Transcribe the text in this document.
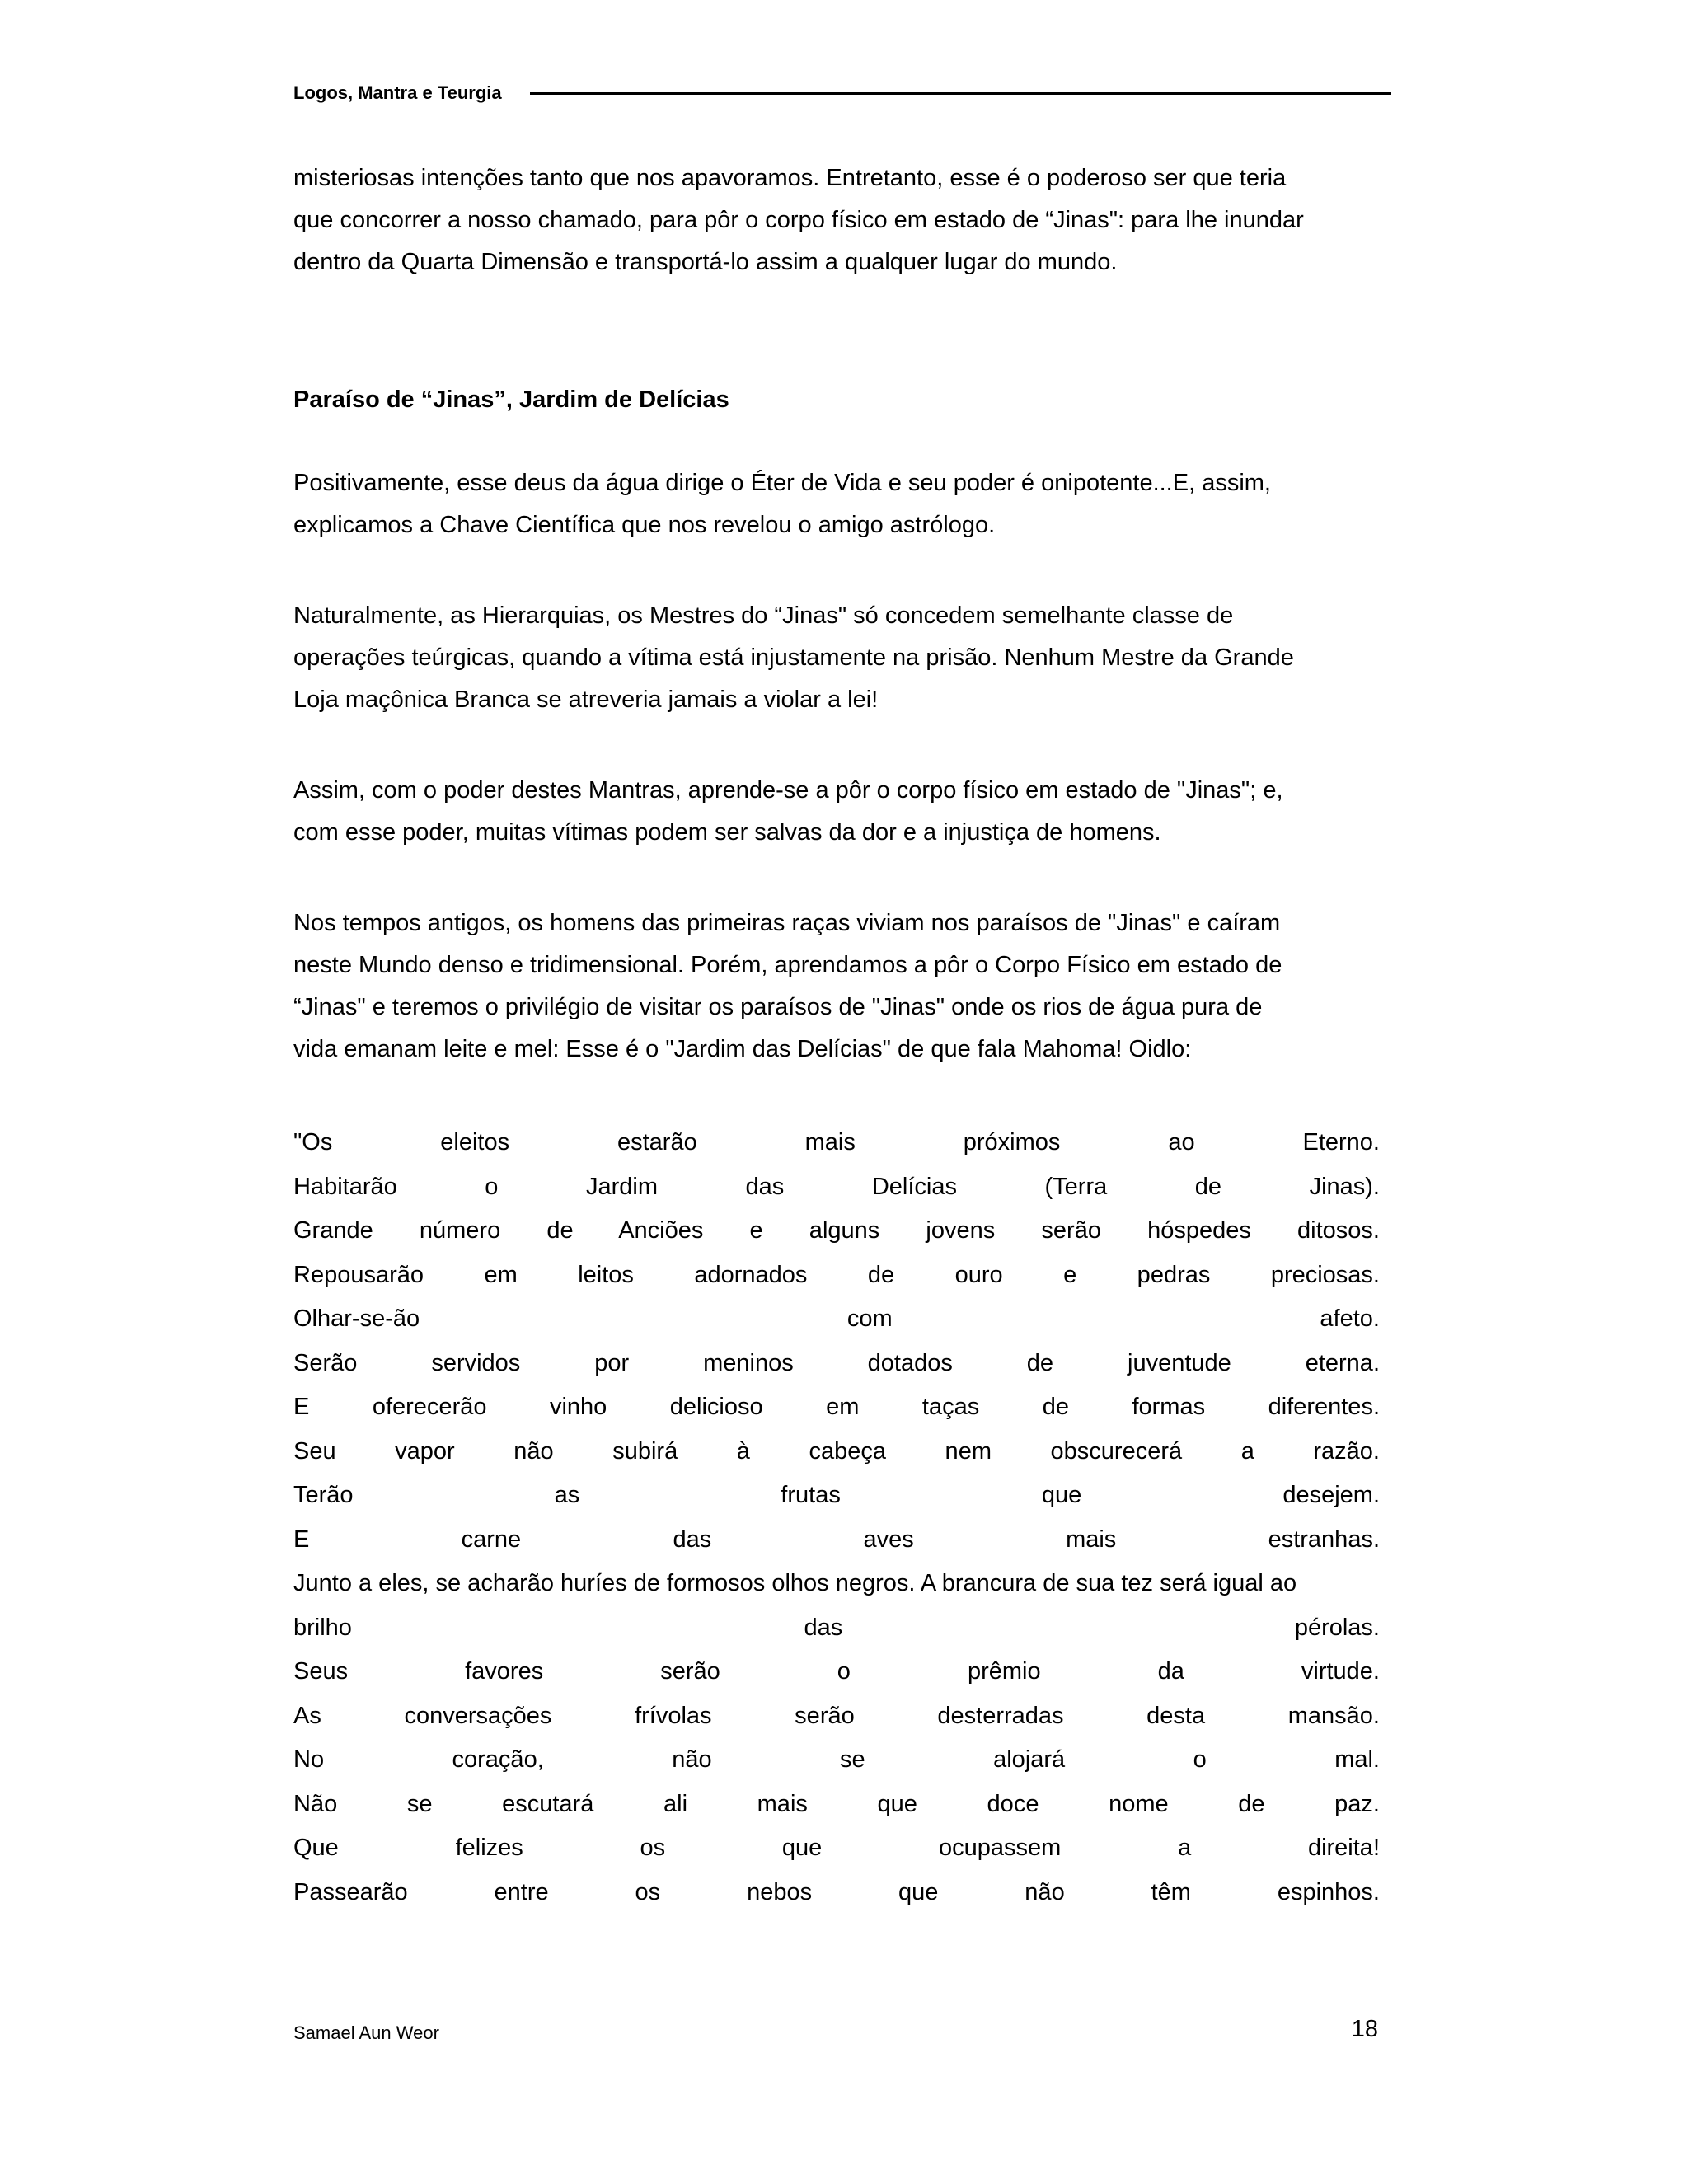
Logos, Mantra e Teurgia

misteriosas intenções tanto que nos apavoramos. Entretanto, esse é o poderoso ser que teria
que concorrer a nosso chamado, para pôr o corpo físico em estado de “Jinas": para lhe inundar
dentro da Quarta Dimensão e transportá-lo assim a qualquer lugar do mundo.

Paraíso de “Jinas”, Jardim de Delícias

Positivamente, esse deus da água dirige o Éter de Vida e seu poder é onipotente...E, assim,
explicamos a Chave Científica que nos revelou o amigo astrólogo.

Naturalmente, as Hierarquias, os Mestres do “Jinas" só concedem semelhante classe de
operações teúrgicas, quando a vítima está injustamente na prisão. Nenhum Mestre da Grande
Loja maçônica Branca se atreveria jamais a violar a lei!

Assim, com o poder destes Mantras, aprende-se a pôr o corpo físico em estado de "Jinas"; e,
com esse poder, muitas vítimas podem ser salvas da dor e a injustiça de homens.

Nos tempos antigos, os homens das primeiras raças viviam nos paraísos de "Jinas" e caíram
neste Mundo denso e tridimensional. Porém, aprendamos a pôr o Corpo Físico em estado de
“Jinas" e teremos o privilégio de visitar os paraísos de "Jinas" onde os rios de água pura de
vida emanam leite e mel: Esse é o "Jardim das Delícias" de que fala Mahoma! Oidlo:

"Os eleitos estarão mais próximos ao Eterno.
Habitarão o Jardim das Delícias (Terra de Jinas).
Grande número de Anciões e alguns jovens serão hóspedes ditosos.
Repousarão em leitos adornados de ouro e pedras preciosas.
Olhar-se-ão com afeto.
Serão servidos por meninos dotados de juventude eterna.
E oferecerão vinho delicioso em taças de formas diferentes.
Seu vapor não subirá à cabeça nem obscurecerá a razão.
Terão as frutas que desejem.
E carne das aves mais estranhas.
Junto a eles, se acharão huríes de formosos olhos negros. A brancura de sua tez será igual ao
brilho das pérolas.
Seus favores serão o prêmio da virtude.
As conversações frívolas serão desterradas desta mansão.
No coração, não se alojará o mal.
Não se escutará ali mais que doce nome de paz.
Que felizes os que ocupassem a direita!
Passearão entre os nebos que não têm espinhos.
Samael Aun Weor	18
